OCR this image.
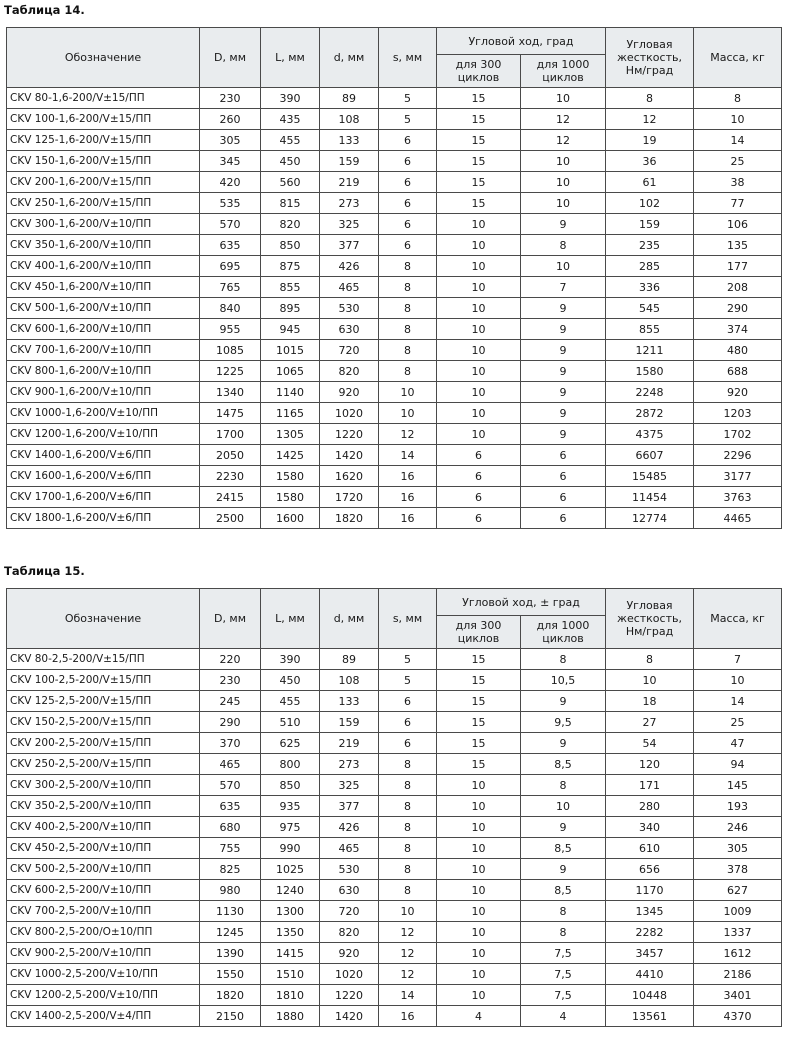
Таблица 14.
Обозначение	D, мм	L, мм	d, мм	s, мм	Угловой ход, град		Угловая жесткость, Нм/град	Масса, кг
					для 300 циклов	для 1000 циклов		
CKV 80-1,6-200/V±15/ПП	230	390	89	5	15	10	8	8
CKV 100-1,6-200/V±15/ПП	260	435	108	5	15	12	12	10
CKV 125-1,6-200/V±15/ПП	305	455	133	6	15	12	19	14
CKV 150-1,6-200/V±15/ПП	345	450	159	6	15	10	36	25
CKV 200-1,6-200/V±15/ПП	420	560	219	6	15	10	61	38
CKV 250-1,6-200/V±15/ПП	535	815	273	6	15	10	102	77
CKV 300-1,6-200/V±10/ПП	570	820	325	6	10	9	159	106
CKV 350-1,6-200/V±10/ПП	635	850	377	6	10	8	235	135
CKV 400-1,6-200/V±10/ПП	695	875	426	8	10	10	285	177
CKV 450-1,6-200/V±10/ПП	765	855	465	8	10	7	336	208
CKV 500-1,6-200/V±10/ПП	840	895	530	8	10	9	545	290
CKV 600-1,6-200/V±10/ПП	955	945	630	8	10	9	855	374
CKV 700-1,6-200/V±10/ПП	1085	1015	720	8	10	9	1211	480
CKV 800-1,6-200/V±10/ПП	1225	1065	820	8	10	9	1580	688
CKV 900-1,6-200/V±10/ПП	1340	1140	920	10	10	9	2248	920
CKV 1000-1,6-200/V±10/ПП	1475	1165	1020	10	10	9	2872	1203
CKV 1200-1,6-200/V±10/ПП	1700	1305	1220	12	10	9	4375	1702
CKV 1400-1,6-200/V±6/ПП	2050	1425	1420	14	6	6	6607	2296
CKV 1600-1,6-200/V±6/ПП	2230	1580	1620	16	6	6	15485	3177
CKV 1700-1,6-200/V±6/ПП	2415	1580	1720	16	6	6	11454	3763
CKV 1800-1,6-200/V±6/ПП	2500	1600	1820	16	6	6	12774	4465
Таблица 15.
Обозначение	D, мм	L, мм	d, мм	s, мм	Угловой ход, ± град		Угловая жесткость, Нм/град	Масса, кг
					для 300 циклов	для 1000 циклов		
CKV 80-2,5-200/V±15/ПП	220	390	89	5	15	8	8	7
CKV 100-2,5-200/V±15/ПП	230	450	108	5	15	10,5	10	10
CKV 125-2,5-200/V±15/ПП	245	455	133	6	15	9	18	14
CKV 150-2,5-200/V±15/ПП	290	510	159	6	15	9,5	27	25
CKV 200-2,5-200/V±15/ПП	370	625	219	6	15	9	54	47
CKV 250-2,5-200/V±15/ПП	465	800	273	8	15	8,5	120	94
CKV 300-2,5-200/V±10/ПП	570	850	325	8	10	8	171	145
CKV 350-2,5-200/V±10/ПП	635	935	377	8	10	10	280	193
CKV 400-2,5-200/V±10/ПП	680	975	426	8	10	9	340	246
CKV 450-2,5-200/V±10/ПП	755	990	465	8	10	8,5	610	305
CKV 500-2,5-200/V±10/ПП	825	1025	530	8	10	9	656	378
CKV 600-2,5-200/V±10/ПП	980	1240	630	8	10	8,5	1170	627
CKV 700-2,5-200/V±10/ПП	1130	1300	720	10	10	8	1345	1009
CKV 800-2,5-200/O±10/ПП	1245	1350	820	12	10	8	2282	1337
CKV 900-2,5-200/V±10/ПП	1390	1415	920	12	10	7,5	3457	1612
CKV 1000-2,5-200/V±10/ПП	1550	1510	1020	12	10	7,5	4410	2186
CKV 1200-2,5-200/V±10/ПП	1820	1810	1220	14	10	7,5	10448	3401
CKV 1400-2,5-200/V±4/ПП	2150	1880	1420	16	4	4	13561	4370
